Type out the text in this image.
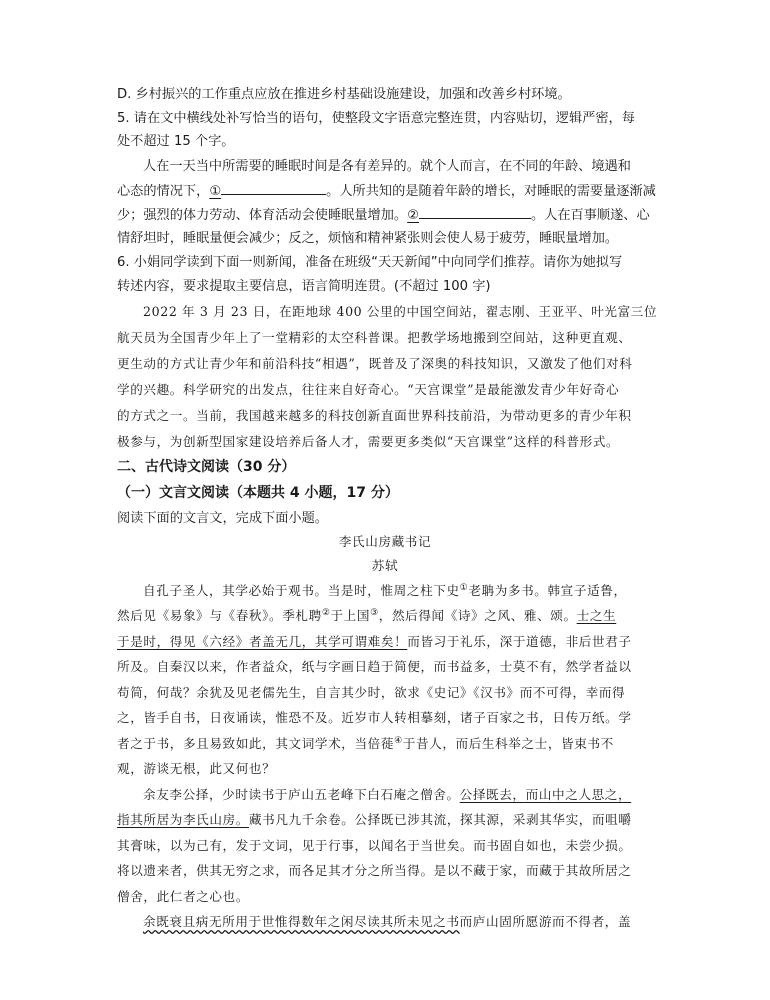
D. 乡村振兴的工作重点应放在推进乡村基础设施建设，加强和改善乡村环境。
5. 请在文中横线处补写恰当的语句，使整段文字语意完整连贯，内容贴切，逻辑严密，每
处不超过 15 个字。
人在一天当中所需要的睡眠时间是各有差异的。就个人而言，在不同的年龄、境遇和
心态的情况下，①	。人所共知的是随着年龄的增长，对睡眠的需要量逐渐减
少；强烈的体力劳动、体育活动会使睡眠量增加。②	。人在百事顺遂、心
情舒坦时，睡眠量便会减少；反之，烦恼和精神紧张则会使人易于疲劳，睡眠量增加。
6. 小娟同学读到下面一则新闻，准备在班级“天天新闻”中向同学们推荐。请你为她拟写
转述内容，要求提取主要信息，语言简明连贯。(不超过 100 字)
2022 年 3 月 23 日，在距地球 400 公里的中国空间站，翟志刚、王亚平、叶光富三位
航天员为全国青少年上了一堂精彩的太空科普课。把教学场地搬到空间站，这种更直观、
更生动的方式让青少年和前沿科技“相遇”，既普及了深奥的科技知识，又激发了他们对科
学的兴趣。科学研究的出发点，往往来自好奇心。“天宫课堂”是最能激发青少年好奇心
的方式之一。当前，我国越来越多的科技创新直面世界科技前沿，为带动更多的青少年积
极参与，为创新型国家建设培养后备人才，需要更多类似“天宫课堂”这样的科普形式。
二、古代诗文阅读（30 分）
（一）文言文阅读（本题共 4 小题，17 分）
阅读下面的文言文，完成下面小题。
李氏山房藏书记
苏轼
自孔子圣人，其学必始于观书。当是时，惟周之柱下史①老聃为多书。韩宣子适鲁，
然后见《易象》与《春秋》。季札聘②于上国③，然后得闻《诗》之风、雅、颂。士之生
于是时，得见《六经》者盖无几，其学可谓难矣！而皆习于礼乐，深于道德，非后世君子
所及。自秦汉以来，作者益众，纸与字画日趋于简便，而书益多，士莫不有，然学者益以
苟简，何哉？余犹及见老儒先生，自言其少时，欲求《史记》《汉书》而不可得，幸而得
之，皆手自书，日夜诵读，惟恐不及。近岁市人转相摹刻，诸子百家之书，日传万纸。学
者之于书，多且易致如此，其文词学术，当倍蓰④于昔人，而后生科举之士，皆束书不
观，游谈无根，此又何也？
余友李公择，少时读书于庐山五老峰下白石庵之僧舍。公择既去，而山中之人思之，
指其所居为李氏山房。藏书凡九千余卷。公择既已涉其流，探其源，采剥其华实，而咀嚼
其膏味，以为己有，发于文词，见于行事，以闻名于当世矣。而书固自如也，未尝少损。
将以遗来者，供其无穷之求，而各足其才分之所当得。是以不藏于家，而藏于其故所居之
僧舍，此仁者之心也。
余既衰且病无所用于世惟得数年之闲尽读其所未见之书而庐山固所愿游而不得者，盖
